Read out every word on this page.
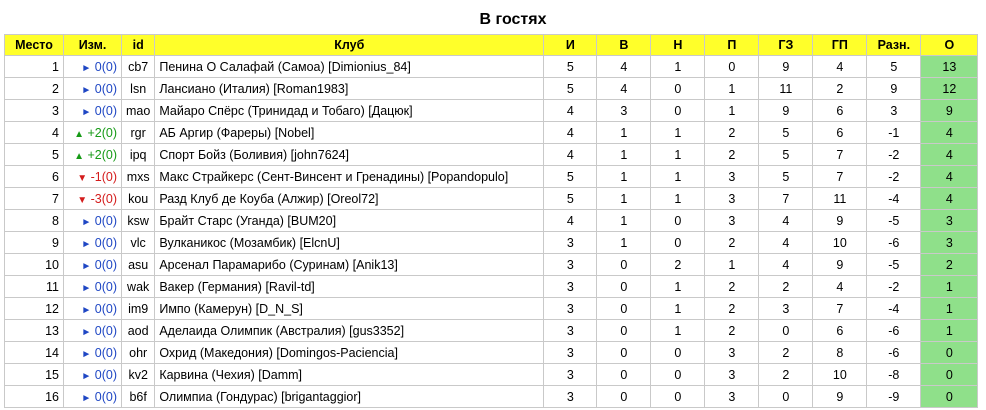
В гостях
Место	Изм.	id	Клуб	И	В	Н	П	ГЗ	ГП	Разн.	О
1	► 0(0)	cb7	Пенина О Салафай (Самоа) [Dimionius_84]	5	4	1	0	9	4	5	13
2	► 0(0)	lsn	Лансиано (Италия) [Roman1983]	5	4	0	1	11	2	9	12
3	► 0(0)	mao	Майаро Спёрс (Тринидад и Тобаго) [Дацюк]	4	3	0	1	9	6	3	9
4	▲ +2(0)	rgr	АБ Аргир (Фареры) [Nobel]	4	1	1	2	5	6	-1	4
5	▲ +2(0)	ipq	Спорт Бойз (Боливия) [john7624]	4	1	1	2	5	7	-2	4
6	▼ -1(0)	mxs	Макс Страйкерс (Сент-Винсент и Гренадины) [Popandopulo]	5	1	1	3	5	7	-2	4
7	▼ -3(0)	kou	Разд Клуб де Коуба (Алжир) [Oreol72]	5	1	1	3	7	11	-4	4
8	► 0(0)	ksw	Брайт Старс (Уганда) [BUM20]	4	1	0	3	4	9	-5	3
9	► 0(0)	vlc	Вулканикос (Мозамбик) [ElcnU]	3	1	0	2	4	10	-6	3
10	► 0(0)	asu	Арсенал Парамарибо (Суринам) [Anik13]	3	0	2	1	4	9	-5	2
11	► 0(0)	wak	Вакер (Германия) [Ravil-td]	3	0	1	2	2	4	-2	1
12	► 0(0)	im9	Импо (Камерун) [D_N_S]	3	0	1	2	3	7	-4	1
13	► 0(0)	aod	Аделаида Олимпик (Австралия) [gus3352]	3	0	1	2	0	6	-6	1
14	► 0(0)	ohr	Охрид (Македония) [Domingos-Paciencia]	3	0	0	3	2	8	-6	0
15	► 0(0)	kv2	Карвина (Чехия) [Damm]	3	0	0	3	2	10	-8	0
16	► 0(0)	b6f	Олимпиа (Гондурас) [brigantaggior]	3	0	0	3	0	9	-9	0
